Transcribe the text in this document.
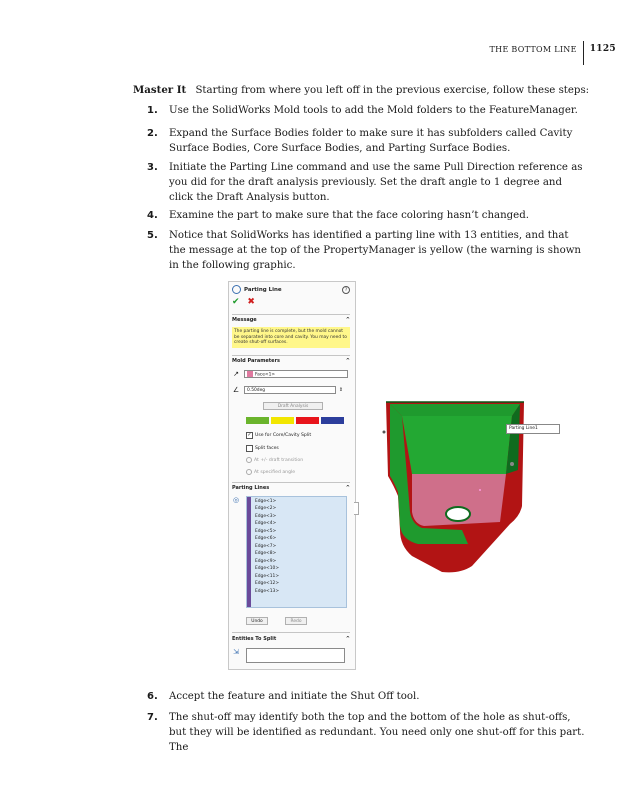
THE BOTTOM LINE 1125
Master It Starting from where you left off in the previous exercise, follow these steps:
1.	Use the SolidWorks Mold tools to add the Mold folders to the FeatureManager.
2.	Expand the Surface Bodies folder to make sure it has subfolders called Cavity Surface Bodies, Core Surface Bodies, and Parting Surface Bodies.
3.	Initiate the Parting Line command and use the same Pull Direction reference as you did for the draft analysis previously. Set the draft angle to 1 degree and click the Draft Analysis button.
4.	Examine the part to make sure that the face coloring hasn’t changed.
5.	Notice that SolidWorks has identified a parting line with 13 entities, and that the message at the top of the PropertyManager is yellow (the warning is shown in the following graphic.
Parting Line	?
✔ ✖
Message	^
The parting line is complete, but the mold cannot be separated into core and cavity. You may need to create shut-off surfaces.
Mold Parameters	^
↗	Face<1>
∠	0.50deg	⇕
Draft Analysis
✓ Use for Core/Cavity Split
Split faces
At +/- draft transition
At specified angle
Parting Lines	^
◎	Edge<1>
Edge<2>
Edge<3>
Edge<4>
Edge<5>
Edge<6>
Edge<7>
Edge<8>
Edge<9>
Edge<10>
Edge<11>
Edge<12>
Edge<13>
Undo	Redo
Entities To Split	^
⇲
Parting Line1
6.	Accept the feature and initiate the Shut Off tool.
7.	The shut-off may identify both the top and the bottom of the hole as shut-offs, but they will be identified as redundant. You need only one shut-off for this part. The
